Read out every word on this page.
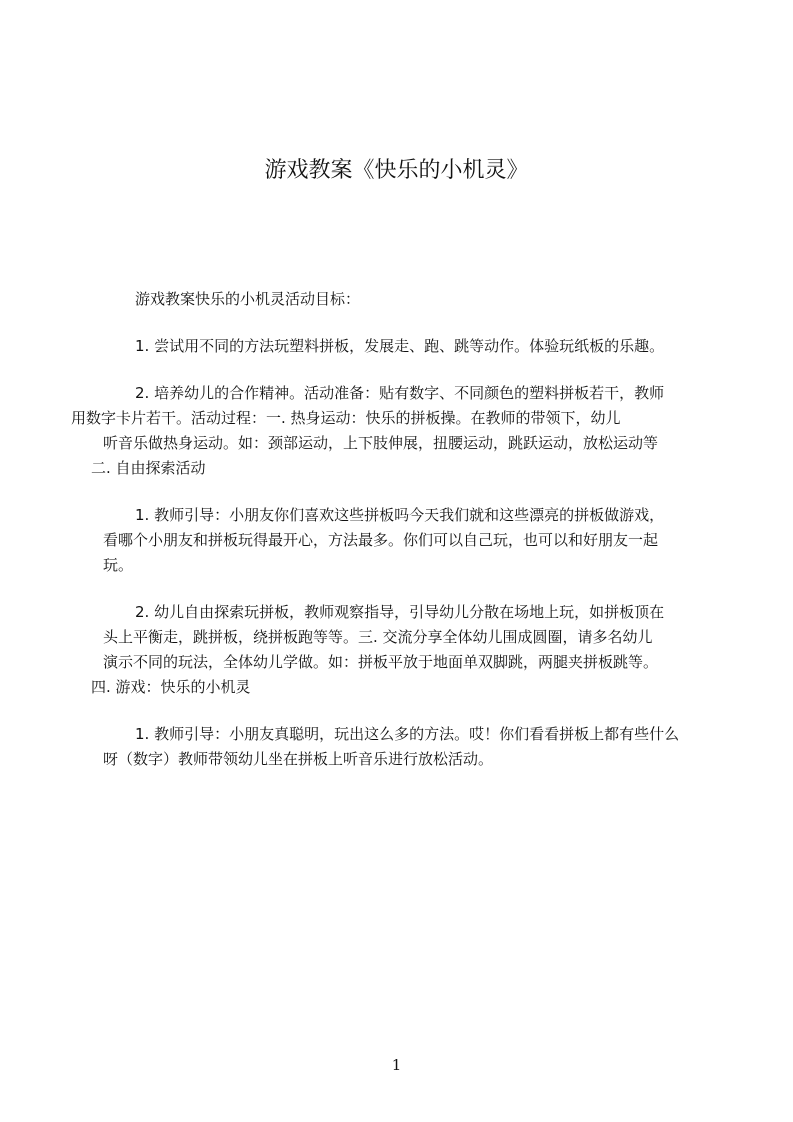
游戏教案《快乐的小机灵》

游戏教案快乐的小机灵活动目标：

1. 尝试用不同的方法玩塑料拼板，发展走、跑、跳等动作。体验玩纸板的乐趣。

2. 培养幼儿的合作精神。活动准备：贴有数字、不同颜色的塑料拼板若干，教师
用数字卡片若干。活动过程：一. 热身运动：快乐的拼板操。在教师的带领下，幼儿
听音乐做热身运动。如：颈部运动，上下肢伸展，扭腰运动，跳跃运动，放松运动等
二. 自由探索活动

1. 教师引导：小朋友你们喜欢这些拼板吗今天我们就和这些漂亮的拼板做游戏，
看哪个小朋友和拼板玩得最开心，方法最多。你们可以自己玩，也可以和好朋友一起
玩。

2. 幼儿自由探索玩拼板，教师观察指导，引导幼儿分散在场地上玩，如拼板顶在
头上平衡走，跳拼板，绕拼板跑等等。三. 交流分享全体幼儿围成圆圈，请多名幼儿
演示不同的玩法，全体幼儿学做。如：拼板平放于地面单双脚跳，两腿夹拼板跳等。
四. 游戏：快乐的小机灵

1. 教师引导：小朋友真聪明，玩出这么多的方法。哎！你们看看拼板上都有些什么
呀（数字）教师带领幼儿坐在拼板上听音乐进行放松活动。

1
